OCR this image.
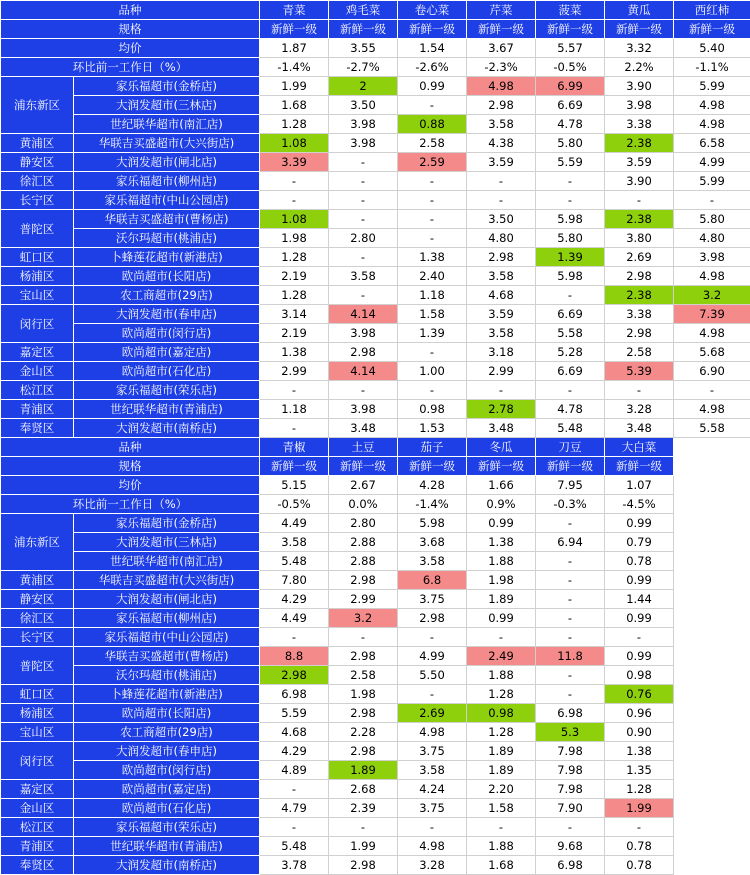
品种		青菜	鸡毛菜	卷心菜	芹菜	菠菜	黄瓜	西红柿
规格		新鲜一级	新鲜一级	新鲜一级	新鲜一级	新鲜一级	新鲜一级	新鲜一级
均价		1.87	3.55	1.54	3.67	5.57	3.32	5.40
环比前一工作日（%）		-1.4%	-2.7%	-2.6%	-2.3%	-0.5%	2.2%	-1.1%
浦东新区	家乐福超市(金桥店)	1.99	2	0.99	4.98	6.99	3.90	5.99
	大润发超市(三林店)	1.68	3.50	-	2.98	6.69	3.98	4.98
	世纪联华超市(南汇店)	1.28	3.98	0.88	3.58	4.78	3.38	4.98
黄浦区	华联吉买盛超市(大兴街店)	1.08	3.98	2.58	4.38	5.80	2.38	6.58
静安区	大润发超市(闸北店)	3.39	-	2.59	3.59	5.59	3.59	4.99
徐汇区	家乐福超市(柳州店)	-	-	-	-	-	3.90	5.99
长宁区	家乐福超市(中山公园店)	-	-	-	-	-	-	-
普陀区	华联吉买盛超市(曹杨店)	1.08	-	-	3.50	5.98	2.38	5.80
	沃尔玛超市(桃浦店)	1.98	2.80	-	4.80	5.80	3.80	4.80
虹口区	卜蜂莲花超市(新港店)	1.28	-	1.38	2.98	1.39	2.69	3.98
杨浦区	欧尚超市(长阳店)	2.19	3.58	2.40	3.58	5.98	2.98	4.98
宝山区	农工商超市(29店)	1.28	-	1.18	4.68	-	2.38	3.2
闵行区	大润发超市(春申店)	3.14	4.14	1.58	3.59	6.69	3.38	7.39
	欧尚超市(闵行店)	2.19	3.98	1.39	3.58	5.58	2.98	4.98
嘉定区	欧尚超市(嘉定店)	1.38	2.98	-	3.18	5.28	2.58	5.68
金山区	欧尚超市(石化店)	2.99	4.14	1.00	2.99	6.69	5.39	6.90
松江区	家乐福超市(荣乐店)	-	-	-	-	-	-	-
青浦区	世纪联华超市(青浦店)	1.18	3.98	0.98	2.78	4.78	3.28	4.98
奉贤区	大润发超市(南桥店)	-	3.48	1.53	3.48	5.48	3.48	5.58
品种		青椒	土豆	茄子	冬瓜	刀豆	大白菜	
规格		新鲜一级	新鲜一级	新鲜一级	新鲜一级	新鲜一级	新鲜一级	
均价		5.15	2.67	4.28	1.66	7.95	1.07	
环比前一工作日（%）		-0.5%	0.0%	-1.4%	0.9%	-0.3%	-4.5%	
浦东新区	家乐福超市(金桥店)	4.49	2.80	5.98	0.99	-	0.99	
	大润发超市(三林店)	3.58	2.88	3.68	1.38	6.94	0.79	
	世纪联华超市(南汇店)	5.48	2.88	3.58	1.88	-	0.78	
黄浦区	华联吉买盛超市(大兴街店)	7.80	2.98	6.8	1.98	-	0.99	
静安区	大润发超市(闸北店)	4.29	2.99	3.75	1.89	-	1.44	
徐汇区	家乐福超市(柳州店)	4.49	3.2	2.98	0.99	-	0.99	
长宁区	家乐福超市(中山公园店)	-	-	-	-	-	-	
普陀区	华联吉买盛超市(曹杨店)	8.8	2.98	4.99	2.49	11.8	0.99	
	沃尔玛超市(桃浦店)	2.98	2.58	5.50	1.88	-	0.98	
虹口区	卜蜂莲花超市(新港店)	6.98	1.98	-	1.28	-	0.76	
杨浦区	欧尚超市(长阳店)	5.59	2.98	2.69	0.98	6.98	0.96	
宝山区	农工商超市(29店)	4.68	2.28	4.98	1.28	5.3	0.90	
闵行区	大润发超市(春申店)	4.29	2.98	3.75	1.89	7.98	1.38	
	欧尚超市(闵行店)	4.89	1.89	3.58	1.89	7.98	1.35	
嘉定区	欧尚超市(嘉定店)	-	2.68	4.24	2.20	7.98	1.28	
金山区	欧尚超市(石化店)	4.79	2.39	3.75	1.58	7.90	1.99	
松江区	家乐福超市(荣乐店)	-	-	-	-	-	-	
青浦区	世纪联华超市(青浦店)	5.48	1.99	4.98	1.88	9.68	0.78	
奉贤区	大润发超市(南桥店)	3.78	2.98	3.28	1.68	6.98	0.78	
